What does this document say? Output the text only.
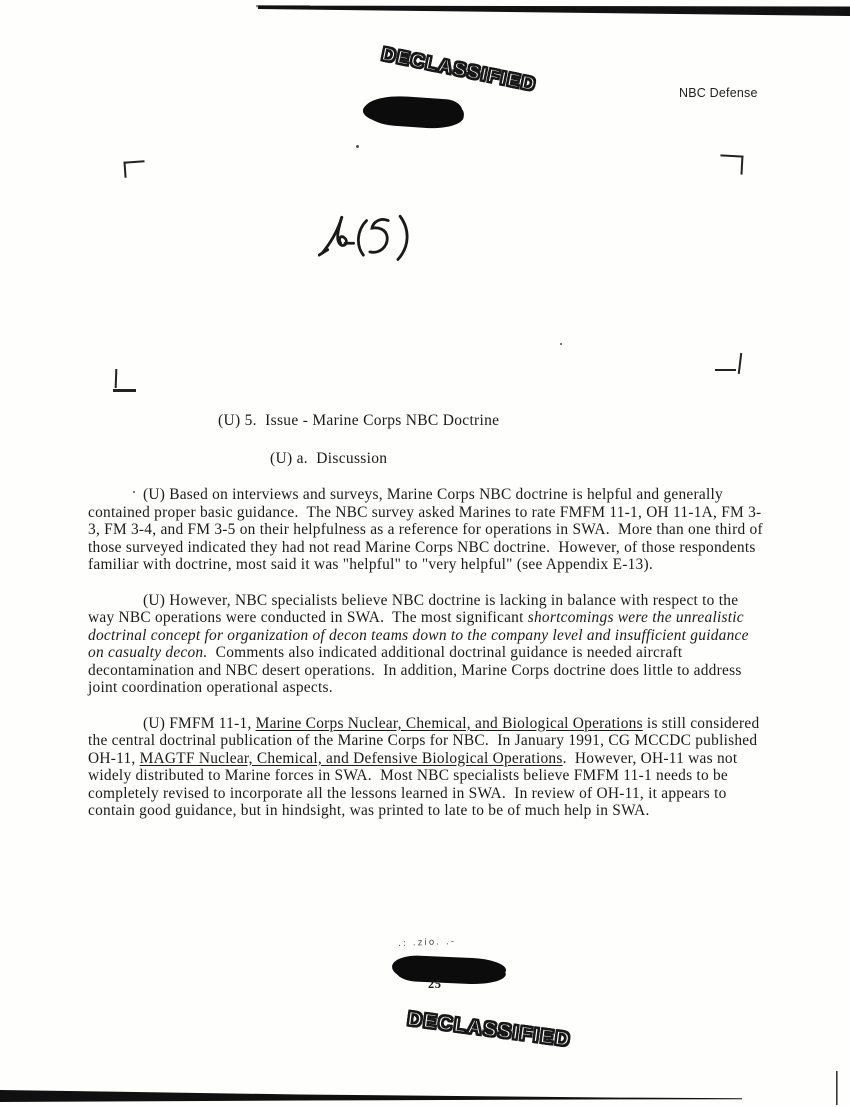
DECLASSIFIED	NBC Defense
(U) 5.  Issue - Marine Corps NBC Doctrine
(U) a.  Discussion

(U) Based on interviews and surveys, Marine Corps NBC doctrine is helpful and generally contained proper basic guidance.  The NBC survey asked Marines to rate FMFM 11-1, OH 11-1A, FM 3-3, FM 3-4, and FM 3-5 on their helpfulness as a reference for operations in SWA.  More than one third of those surveyed indicated they had not read Marine Corps NBC doctrine.  However, of those respondents familiar with doctrine, most said it was "helpful" to "very helpful" (see Appendix E-13).

(U) However, NBC specialists believe NBC doctrine is lacking in balance with respect to the way NBC operations were conducted in SWA.  The most significant shortcomings were the unrealistic doctrinal concept for organization of decon teams down to the company level and insufficient guidance on casualty decon.  Comments also indicated additional doctrinal guidance is needed aircraft decontamination and NBC desert operations.  In addition, Marine Corps doctrine does little to address joint coordination operational aspects.

(U) FMFM 11-1, Marine Corps Nuclear, Chemical, and Biological Operations is still considered the central doctrinal publication of the Marine Corps for NBC.  In January 1991, CG MCCDC published OH-11, MAGTF Nuclear, Chemical, and Defensive Biological Operations.  However, OH-11 was not widely distributed to Marine forces in SWA.  Most NBC specialists believe FMFM 11-1 needs to be completely revised to incorporate all the lessons learned in SWA.  In review of OH-11, it appears to contain good guidance, but in hindsight, was printed to late to be of much help in SWA.

.: .zio. .-
25
DECLASSIFIED
